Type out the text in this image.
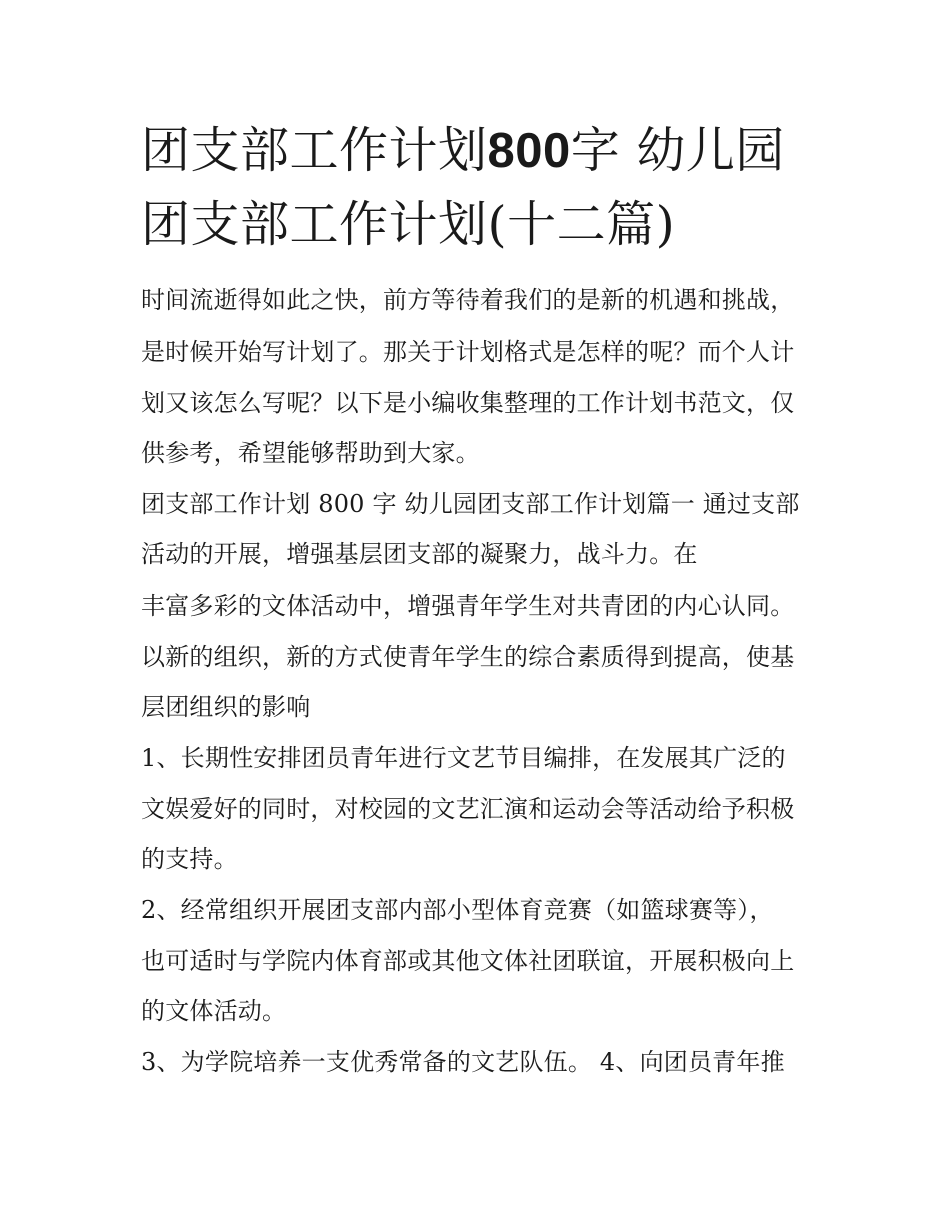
团支部工作计划800字 幼儿园
团支部工作计划(十二篇)

时间流逝得如此之快，前方等待着我们的是新的机遇和挑战，

是时候开始写计划了。那关于计划格式是怎样的呢？而个人计

划又该怎么写呢？以下是小编收集整理的工作计划书范文，仅

供参考，希望能够帮助到大家。

团支部工作计划 800 字 幼儿园团支部工作计划篇一 通过支部

活动的开展，增强基层团支部的凝聚力，战斗力。在

丰富多彩的文体活动中，增强青年学生对共青团的内心认同。

以新的组织，新的方式使青年学生的综合素质得到提高，使基

层团组织的影响

1、长期性安排团员青年进行文艺节目编排，在发展其广泛的

文娱爱好的同时，对校园的文艺汇演和运动会等活动给予积极

的支持。

2、经常组织开展团支部内部小型体育竞赛（如篮球赛等），

也可适时与学院内体育部或其他文体社团联谊，开展积极向上

的文体活动。

3、为学院培养一支优秀常备的文艺队伍。 4、向团员青年推
